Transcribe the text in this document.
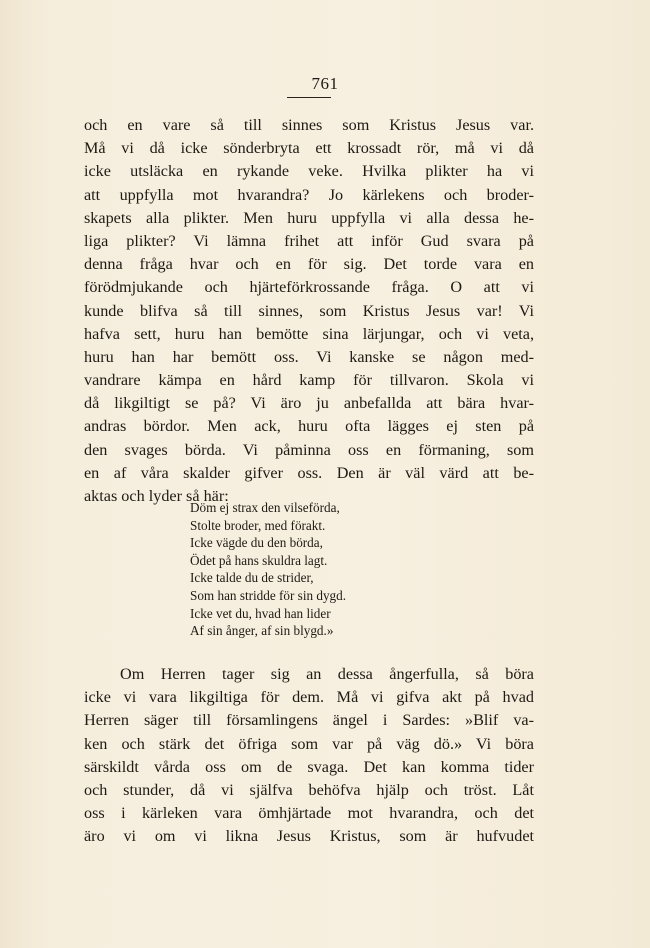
761
och en vare så till sinnes som Kristus Jesus var.
Må vi då icke sönderbryta ett krossadt rör, må vi då
icke utsläcka en rykande veke. Hvilka plikter ha vi
att uppfylla mot hvarandra? Jo kärlekens och broder-
skapets alla plikter. Men huru uppfylla vi alla dessa he-
liga plikter? Vi lämna frihet att inför Gud svara på
denna fråga hvar och en för sig. Det torde vara en
förödmjukande och hjärteförkrossande fråga. O att vi
kunde blifva så till sinnes, som Kristus Jesus var! Vi
hafva sett, huru han bemötte sina lärjungar, och vi veta,
huru han har bemött oss. Vi kanske se någon med-
vandrare kämpa en hård kamp för tillvaron. Skola vi
då likgiltigt se på? Vi äro ju anbefallda att bära hvar-
andras bördor. Men ack, huru ofta lägges ej sten på
den svages börda. Vi påminna oss en förmaning, som
en af våra skalder gifver oss. Den är väl värd att be-
aktas och lyder så här:
Döm ej strax den vilseförda,
Stolte broder, med förakt.
Icke vägde du den börda,
Ödet på hans skuldra lagt.
Icke talde du de strider,
Som han stridde för sin dygd.
Icke vet du, hvad han lider
Af sin ånger, af sin blygd.»
Om Herren tager sig an dessa ångerfulla, så böra
icke vi vara likgiltiga för dem. Må vi gifva akt på hvad
Herren säger till församlingens ängel i Sardes: »Blif va-
ken och stärk det öfriga som var på väg dö.» Vi böra
särskildt vårda oss om de svaga. Det kan komma tider
och stunder, då vi själfva behöfva hjälp och tröst. Låt
oss i kärleken vara ömhjärtade mot hvarandra, och det
äro vi om vi likna Jesus Kristus, som är hufvudet
